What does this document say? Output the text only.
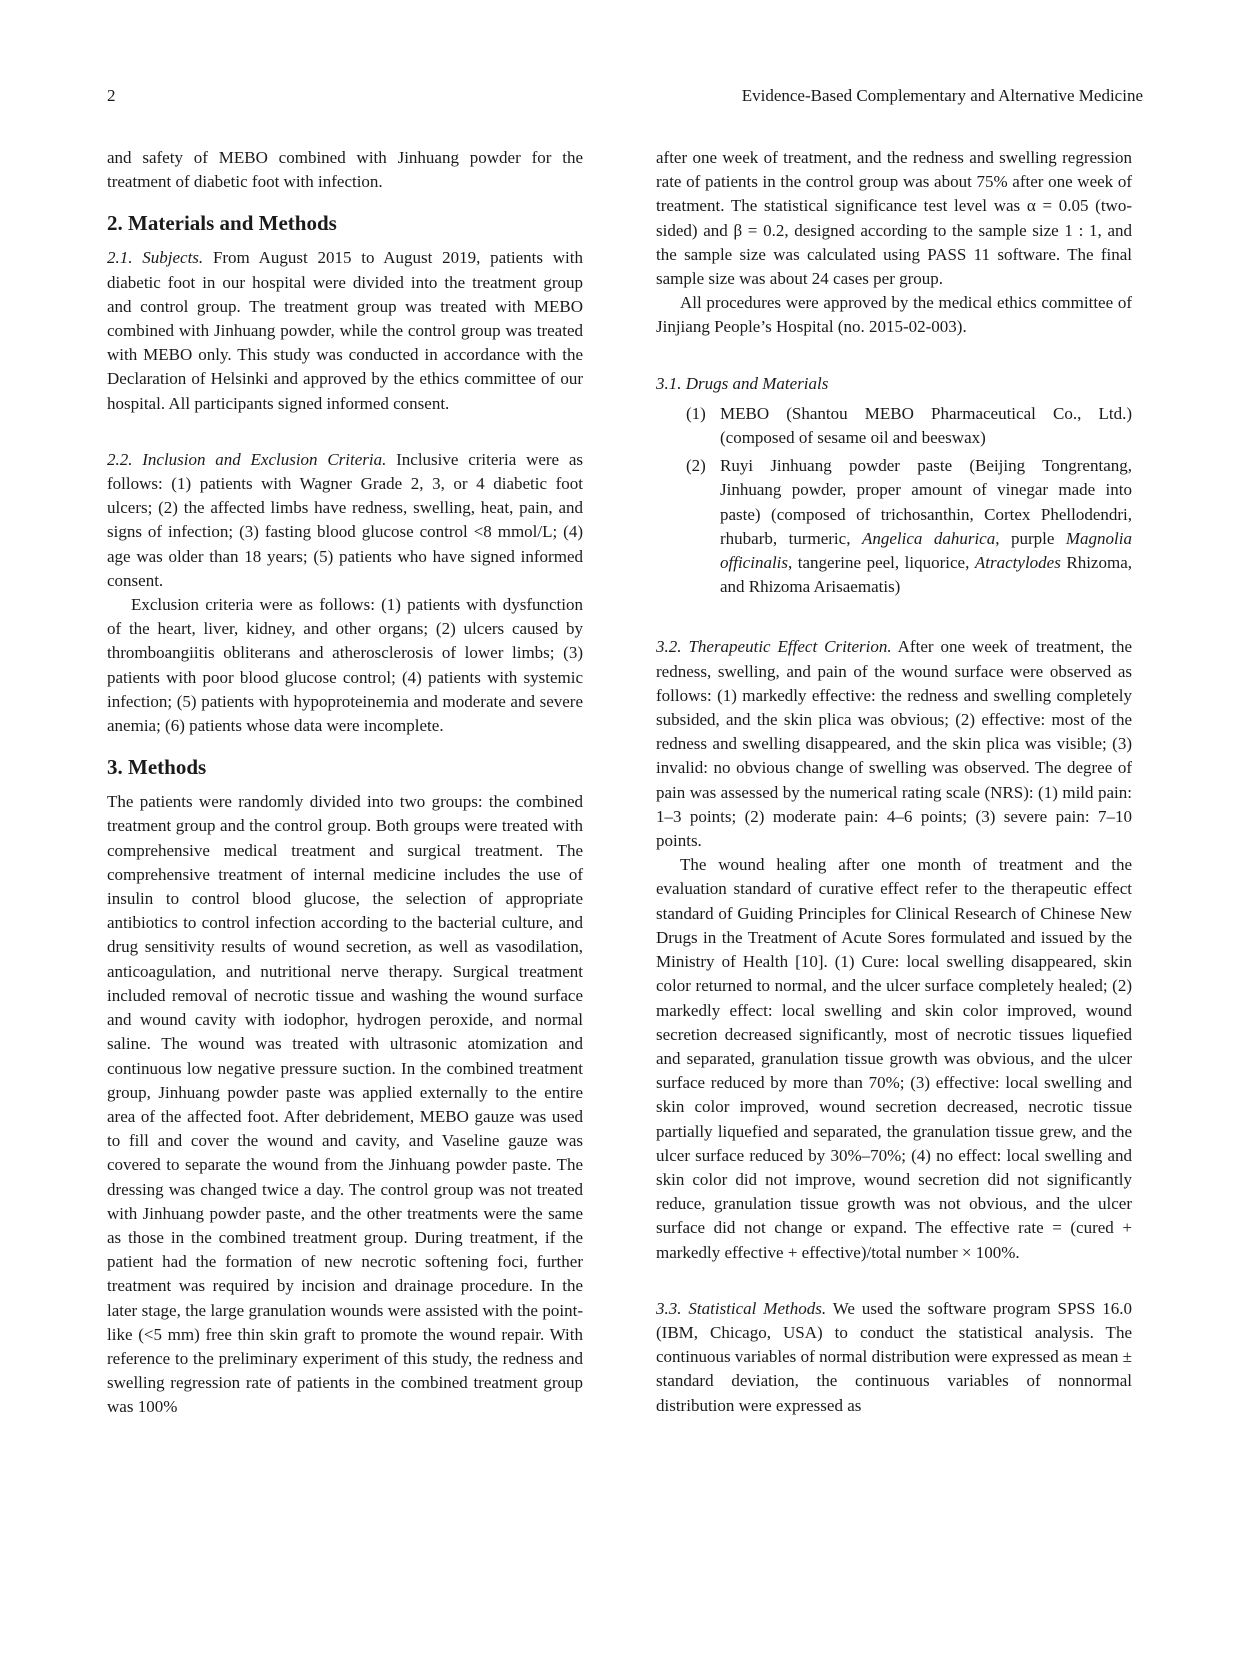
2	Evidence-Based Complementary and Alternative Medicine

and safety of MEBO combined with Jinhuang powder for the treatment of diabetic foot with infection.

2. Materials and Methods

2.1. Subjects. From August 2015 to August 2019, patients with diabetic foot in our hospital were divided into the treatment group and control group. The treatment group was treated with MEBO combined with Jinhuang powder, while the control group was treated with MEBO only. This study was conducted in accordance with the Declaration of Helsinki and approved by the ethics committee of our hospital. All participants signed informed consent.

2.2. Inclusion and Exclusion Criteria. Inclusive criteria were as follows: (1) patients with Wagner Grade 2, 3, or 4 diabetic foot ulcers; (2) the affected limbs have redness, swelling, heat, pain, and signs of infection; (3) fasting blood glucose control <8 mmol/L; (4) age was older than 18 years; (5) patients who have signed informed consent.

Exclusion criteria were as follows: (1) patients with dysfunction of the heart, liver, kidney, and other organs; (2) ulcers caused by thromboangiitis obliterans and atherosclerosis of lower limbs; (3) patients with poor blood glucose control; (4) patients with systemic infection; (5) patients with hypoproteinemia and moderate and severe anemia; (6) patients whose data were incomplete.

3. Methods

The patients were randomly divided into two groups: the combined treatment group and the control group. Both groups were treated with comprehensive medical treatment and surgical treatment. The comprehensive treatment of internal medicine includes the use of insulin to control blood glucose, the selection of appropriate antibiotics to control infection according to the bacterial culture, and drug sensitivity results of wound secretion, as well as vasodilation, anticoagulation, and nutritional nerve therapy. Surgical treatment included removal of necrotic tissue and washing the wound surface and wound cavity with iodophor, hydrogen peroxide, and normal saline. The wound was treated with ultrasonic atomization and continuous low negative pressure suction. In the combined treatment group, Jinhuang powder paste was applied externally to the entire area of the affected foot. After debridement, MEBO gauze was used to fill and cover the wound and cavity, and Vaseline gauze was covered to separate the wound from the Jinhuang powder paste. The dressing was changed twice a day. The control group was not treated with Jinhuang powder paste, and the other treatments were the same as those in the combined treatment group. During treatment, if the patient had the formation of new necrotic softening foci, further treatment was required by incision and drainage procedure. In the later stage, the large granulation wounds were assisted with the point-like (<5 mm) free thin skin graft to promote the wound repair. With reference to the preliminary experiment of this study, the redness and swelling regression rate of patients in the combined treatment group was 100%

after one week of treatment, and the redness and swelling regression rate of patients in the control group was about 75% after one week of treatment. The statistical significance test level was α = 0.05 (two-sided) and β = 0.2, designed according to the sample size 1 : 1, and the sample size was calculated using PASS 11 software. The final sample size was about 24 cases per group.

All procedures were approved by the medical ethics committee of Jinjiang People’s Hospital (no. 2015-02-003).

3.1. Drugs and Materials

(1) MEBO (Shantou MEBO Pharmaceutical Co., Ltd.) (composed of sesame oil and beeswax)
(2) Ruyi Jinhuang powder paste (Beijing Tongrentang, Jinhuang powder, proper amount of vinegar made into paste) (composed of trichosanthin, Cortex Phellodendri, rhubarb, turmeric, Angelica dahurica, purple Magnolia officinalis, tangerine peel, liquorice, Atractylodes Rhizoma, and Rhizoma Arisaematis)

3.2. Therapeutic Effect Criterion. After one week of treatment, the redness, swelling, and pain of the wound surface were observed as follows: (1) markedly effective: the redness and swelling completely subsided, and the skin plica was obvious; (2) effective: most of the redness and swelling disappeared, and the skin plica was visible; (3) invalid: no obvious change of swelling was observed. The degree of pain was assessed by the numerical rating scale (NRS): (1) mild pain: 1–3 points; (2) moderate pain: 4–6 points; (3) severe pain: 7–10 points.

The wound healing after one month of treatment and the evaluation standard of curative effect refer to the therapeutic effect standard of Guiding Principles for Clinical Research of Chinese New Drugs in the Treatment of Acute Sores formulated and issued by the Ministry of Health [10]. (1) Cure: local swelling disappeared, skin color returned to normal, and the ulcer surface completely healed; (2) markedly effect: local swelling and skin color improved, wound secretion decreased significantly, most of necrotic tissues liquefied and separated, granulation tissue growth was obvious, and the ulcer surface reduced by more than 70%; (3) effective: local swelling and skin color improved, wound secretion decreased, necrotic tissue partially liquefied and separated, the granulation tissue grew, and the ulcer surface reduced by 30%–70%; (4) no effect: local swelling and skin color did not improve, wound secretion did not significantly reduce, granulation tissue growth was not obvious, and the ulcer surface did not change or expand. The effective rate = (cured + markedly effective + effective)/total number × 100%.

3.3. Statistical Methods. We used the software program SPSS 16.0 (IBM, Chicago, USA) to conduct the statistical analysis. The continuous variables of normal distribution were expressed as mean ± standard deviation, the continuous variables of nonnormal distribution were expressed as
